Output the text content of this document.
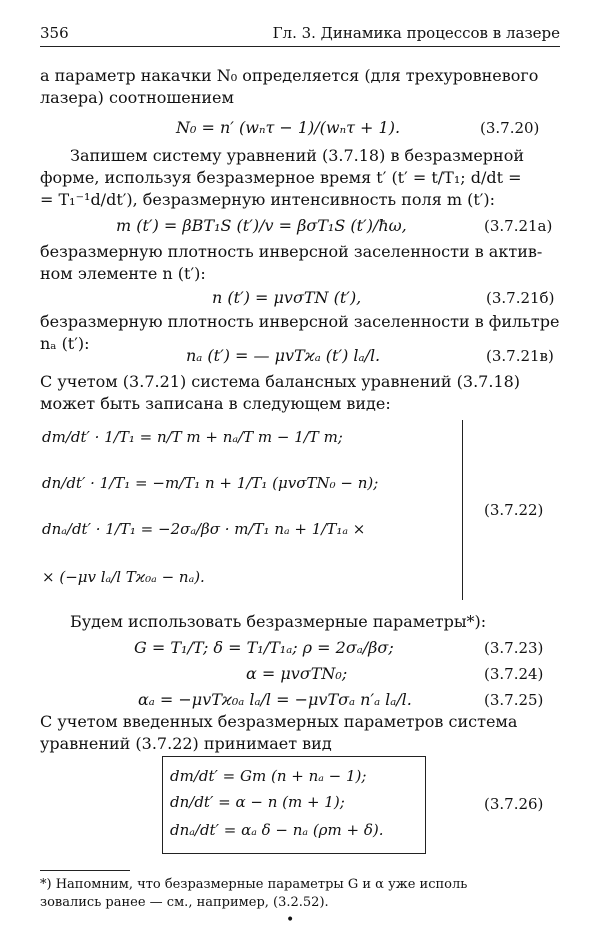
356	Гл. 3. Динамика процессов в лазере
а параметр накачки N₀ определяется (для трехуровневого
лазера) соотношением
N₀ = n′ (wₙτ − 1)/(wₙτ + 1).	(3.7.20)
Запишем систему уравнений (3.7.18) в безразмерной
форме, используя безразмерное время t′ (t′ = t/T₁; d/dt =
= T₁⁻¹d/dt′), безразмерную интенсивность поля m (t′):
m (t′) = βBT₁S (t′)/v = βσT₁S (t′)/ħω,	(3.7.21а)
безразмерную плотность инверсной заселенности в актив-
ном элементе n (t′):
n (t′) = μvσTN (t′),	(3.7.21б)
безразмерную плотность инверсной заселенности в фильтре
nₐ (t′):
nₐ (t′) = — μvTϰₐ (t′) lₐ/l.	(3.7.21в)
С учетом (3.7.21) система балансных уравнений (3.7.18)
может быть записана в следующем виде:
dm/dt′ · 1/T₁ = n/T m + nₐ/T m − 1/T m;
dn/dt′ · 1/T₁ = −m/T₁ n + 1/T₁ (μvσTN₀ − n);
dnₐ/dt′ · 1/T₁ = −2σₐ/βσ · m/T₁ nₐ + 1/T₁ₐ ×
× (−μv lₐ/l Tϰ₀ₐ − nₐ).
(3.7.22)
Будем использовать безразмерные параметры*):
G = T₁/T; δ = T₁/T₁ₐ; ρ = 2σₐ/βσ;	(3.7.23)
α = μvσTN₀;	(3.7.24)
αₐ = −μvTϰ₀ₐ lₐ/l = −μvTσₐ n′ₐ lₐ/l.	(3.7.25)
С учетом введенных безразмерных параметров система
уравнений (3.7.22) принимает вид
dm/dt′ = Gm (n + nₐ − 1);
dn/dt′ = α − n (m + 1);
dnₐ/dt′ = αₐ δ − nₐ (ρm + δ).
(3.7.26)
*) Напомним, что безразмерные параметры G и α уже исполь
зовались ранее — см., например, (3.2.52).
•
